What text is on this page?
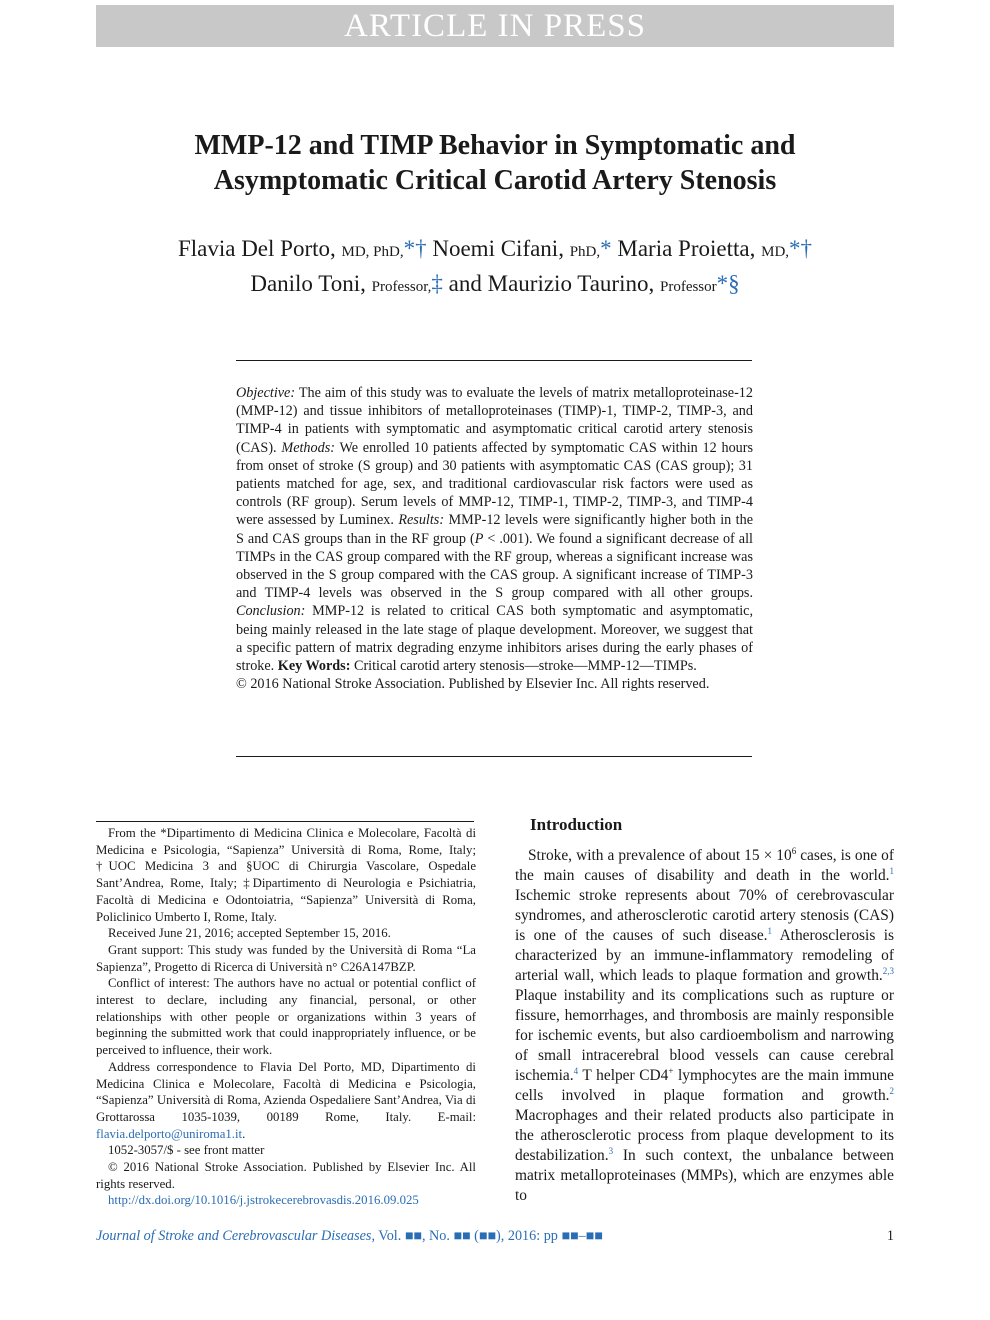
ARTICLE IN PRESS
MMP-12 and TIMP Behavior in Symptomatic and
Asymptomatic Critical Carotid Artery Stenosis
Flavia Del Porto, MD, PhD,*† Noemi Cifani, PhD,* Maria Proietta, MD,*†
Danilo Toni, Professor,‡ and Maurizio Taurino, Professor*§

Objective: The aim of this study was to evaluate the levels of matrix metalloproteinase-12 (MMP-12) and tissue inhibitors of metalloproteinases (TIMP)-1, TIMP-2, TIMP-3, and TIMP-4 in patients with symptomatic and asymptomatic critical carotid artery stenosis (CAS). Methods: We enrolled 10 patients affected by symptomatic CAS within 12 hours from onset of stroke (S group) and 30 patients with asymptomatic CAS (CAS group); 31 patients matched for age, sex, and traditional cardiovascular risk factors were used as controls (RF group). Serum levels of MMP-12, TIMP-1, TIMP-2, TIMP-3, and TIMP-4 were assessed by Luminex. Results: MMP-12 levels were significantly higher both in the S and CAS groups than in the RF group (P < .001). We found a significant decrease of all TIMPs in the CAS group compared with the RF group, whereas a significant increase was observed in the S group compared with the CAS group. A significant increase of TIMP-3 and TIMP-4 levels was observed in the S group compared with all other groups. Conclusion: MMP-12 is related to critical CAS both symptomatic and asymptomatic, being mainly released in the late stage of plaque development. Moreover, we suggest that a specific pattern of matrix degrading enzyme inhibitors arises during the early phases of stroke. Key Words: Critical carotid artery stenosis—stroke—MMP-12—TIMPs.

© 2016 National Stroke Association. Published by Elsevier Inc. All rights reserved.

Introduction

Stroke, with a prevalence of about $15 \times 10^6$ cases, is one of the main causes of disability and death in the world.$^1$ Ischemic stroke represents about 70% of cerebrovascular syndromes, and atherosclerotic carotid artery stenosis (CAS) is one of the causes of such disease.$^1$ Atherosclerosis is characterized by an immune-inflammatory remodeling of arterial wall, which leads to plaque formation and growth.$^{2,3}$ Plaque instability and its complications such as rupture or fissure, hemorrhages, and thrombosis are mainly responsible for ischemic events, but also cardioembolism and narrowing of small intracerebral blood vessels can cause cerebral ischemia.$^4$ T helper CD4+ lymphocytes are the main immune cells involved in plaque formation and growth.$^2$ Macrophages and their related products also participate in the atherosclerotic process from plaque development to its destabilization.$^3$ In such context, the unbalance between matrix metalloproteinases (MMPs), which are enzymes able to

From the *Dipartimento di Medicina Clinica e Molecolare, Facoltà di Medicina e Psicologia, “Sapienza” Università di Roma, Rome, Italy; †UOC Medicina 3 and §UOC di Chirurgia Vascolare, Ospedale Sant’Andrea, Rome, Italy; ‡Dipartimento di Neurologia e Psichiatria, Facoltà di Medicina e Odontoiatria, “Sapienza” Università di Roma, Policlinico Umberto I, Rome, Italy.

Received June 21, 2016; accepted September 15, 2016.

Grant support: This study was funded by the Università di Roma “La Sapienza”, Progetto di Ricerca di Università n° C26A147BZP.

Conflict of interest: The authors have no actual or potential conflict of interest to declare, including any financial, personal, or other relationships with other people or organizations within 3 years of beginning the submitted work that could inappropriately influence, or be perceived to influence, their work.

Address correspondence to Flavia Del Porto, MD, Dipartimento di Medicina Clinica e Molecolare, Facoltà di Medicina e Psicologia, “Sapienza” Università di Roma, Azienda Ospedaliere Sant’Andrea, Via di Grottarossa 1035-1039, 00189 Rome, Italy. E-mail: flavia.delporto@uniroma1.it.

1052-3057/$ - see front matter

© 2016 National Stroke Association. Published by Elsevier Inc. All rights reserved.

http://dx.doi.org/10.1016/j.jstrokecerebrovasdis.2016.09.025

Journal of Stroke and Cerebrovascular Diseases, Vol. ■■, No. ■■ (■■), 2016: pp ■■–■■	1
